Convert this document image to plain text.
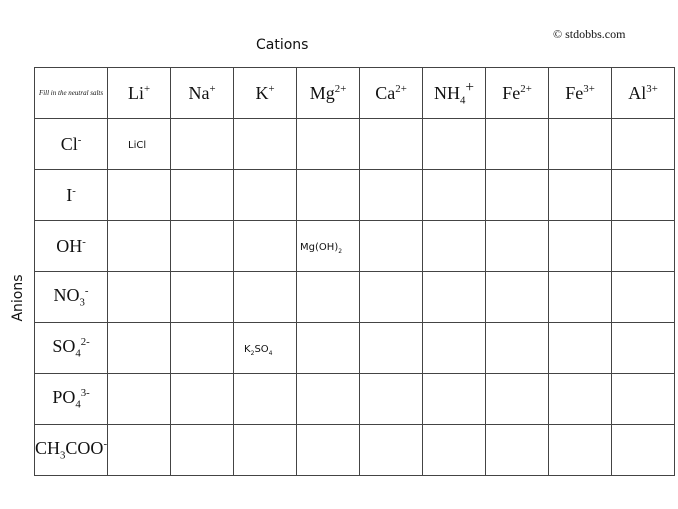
© stdobbs.com
Cations
Anions
Fill in the neutral salts	Li+	Na+	K+	$Mg^{2+}$	$Ca^{2+}$	$NH_4^+$	$Fe^{2+}$	$Fe^{3+}$	$Al^{3+}$
Cl-	LiCl								
I-									
OH-				$Mg(OH)_2$					
$NO_3^-$									
$SO_4^{2-}$			$K_2SO_4$						
$PO_4^{3-}$									
$CH_3COO^-$									
